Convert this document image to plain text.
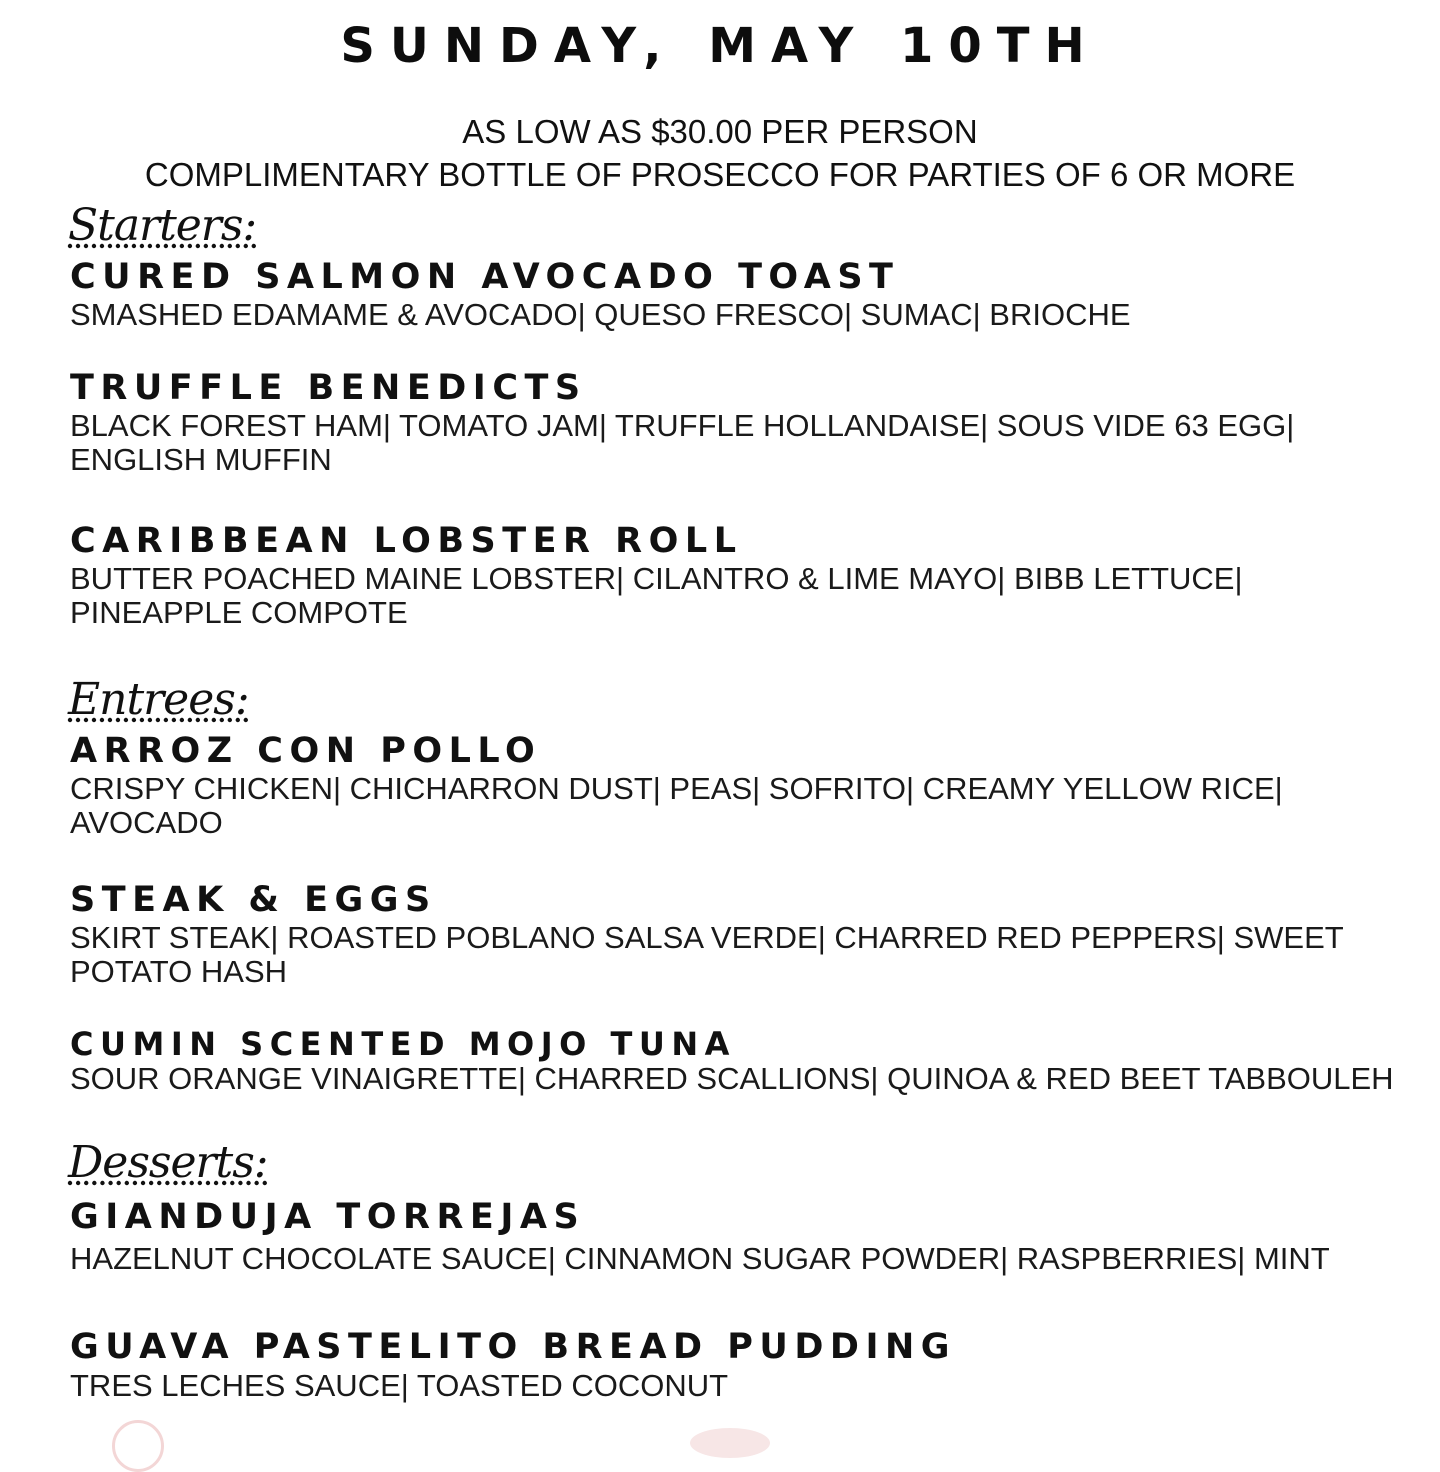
SUNDAY, MAY 10TH
AS LOW AS $30.00 PER PERSON
COMPLIMENTARY BOTTLE OF PROSECCO FOR PARTIES OF 6 OR MORE
Starters:
CURED SALMON AVOCADO TOAST
SMASHED EDAMAME & AVOCADO| QUESO FRESCO| SUMAC| BRIOCHE
TRUFFLE BENEDICTS
BLACK FOREST HAM| TOMATO JAM| TRUFFLE HOLLANDAISE| SOUS VIDE 63 EGG| ENGLISH MUFFIN
CARIBBEAN LOBSTER ROLL
BUTTER POACHED MAINE LOBSTER| CILANTRO & LIME MAYO| BIBB LETTUCE| PINEAPPLE COMPOTE
Entrees:
ARROZ CON POLLO
CRISPY CHICKEN| CHICHARRON DUST| PEAS| SOFRITO| CREAMY YELLOW RICE| AVOCADO
STEAK & EGGS
SKIRT STEAK| ROASTED POBLANO SALSA VERDE| CHARRED RED PEPPERS| SWEET POTATO HASH
CUMIN SCENTED MOJO TUNA
SOUR ORANGE VINAIGRETTE| CHARRED SCALLIONS| QUINOA & RED BEET TABBOULEH
Desserts:
GIANDUJA TORREJAS
HAZELNUT CHOCOLATE SAUCE| CINNAMON SUGAR POWDER| RASPBERRIES| MINT
GUAVA PASTELITO BREAD PUDDING
TRES LECHES SAUCE| TOASTED COCONUT
